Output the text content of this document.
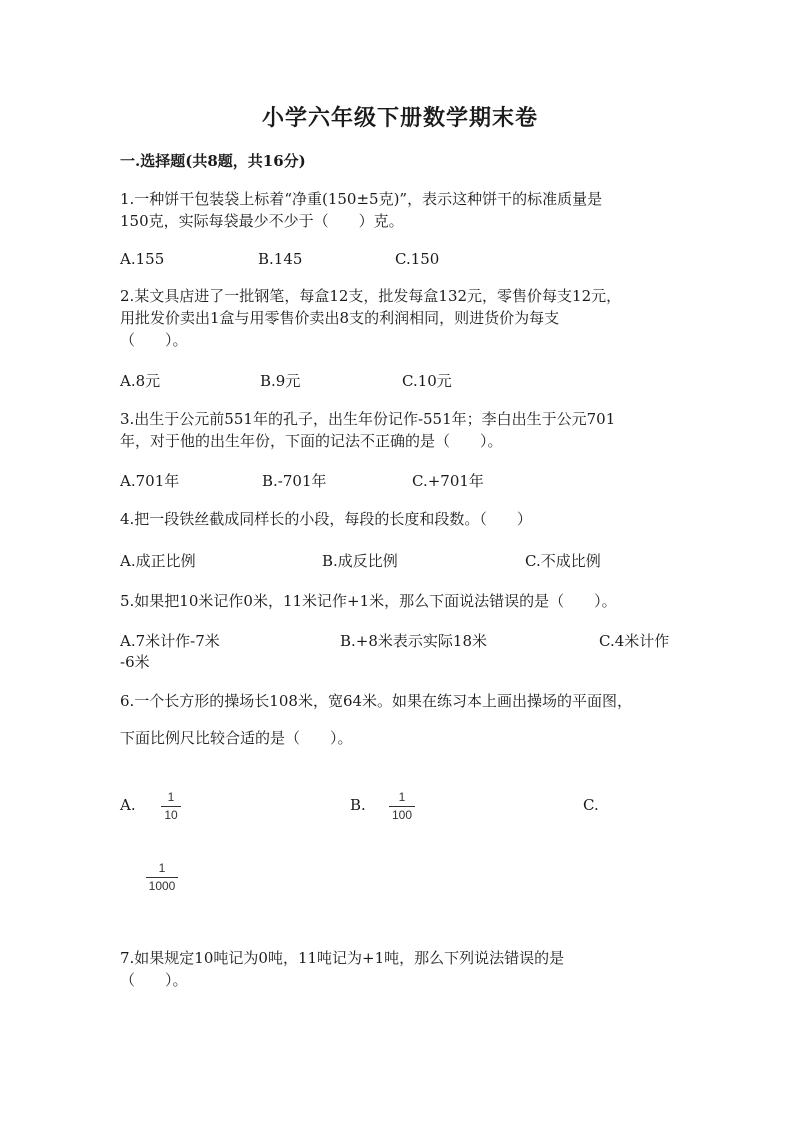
小学六年级下册数学期末卷
一.选择题(共8题，共16分)
1.一种饼干包装袋上标着“净重(150±5克)”，表示这种饼干的标准质量是
150克，实际每袋最少不少于（　　）克。
A.155	B.145	C.150
2.某文具店进了一批钢笔，每盒12支，批发每盒132元，零售价每支12元，
用批发价卖出1盒与用零售价卖出8支的利润相同，则进货价为每支
（　　）。
A.8元	B.9元	C.10元
3.出生于公元前551年的孔子，出生年份记作-551年；李白出生于公元701
年，对于他的出生年份，下面的记法不正确的是（　　）。
A.701年	B.-701年	C.+701年
4.把一段铁丝截成同样长的小段，每段的长度和段数。（　　）
A.成正比例	B.成反比例	C.不成比例
5.如果把10米记作0米，11米记作+1米，那么下面说法错误的是（　　）。
A.7米计作-7米	B.+8米表示实际18米	C.4米计作
-6米
6.一个长方形的操场长108米，宽64米。如果在练习本上画出操场的平面图，
下面比例尺比较合适的是（　　）。
A.	1
10
B.	1
100
C.
1
1000
7.如果规定10吨记为0吨，11吨记为+1吨，那么下列说法错误的是
（　　）。
